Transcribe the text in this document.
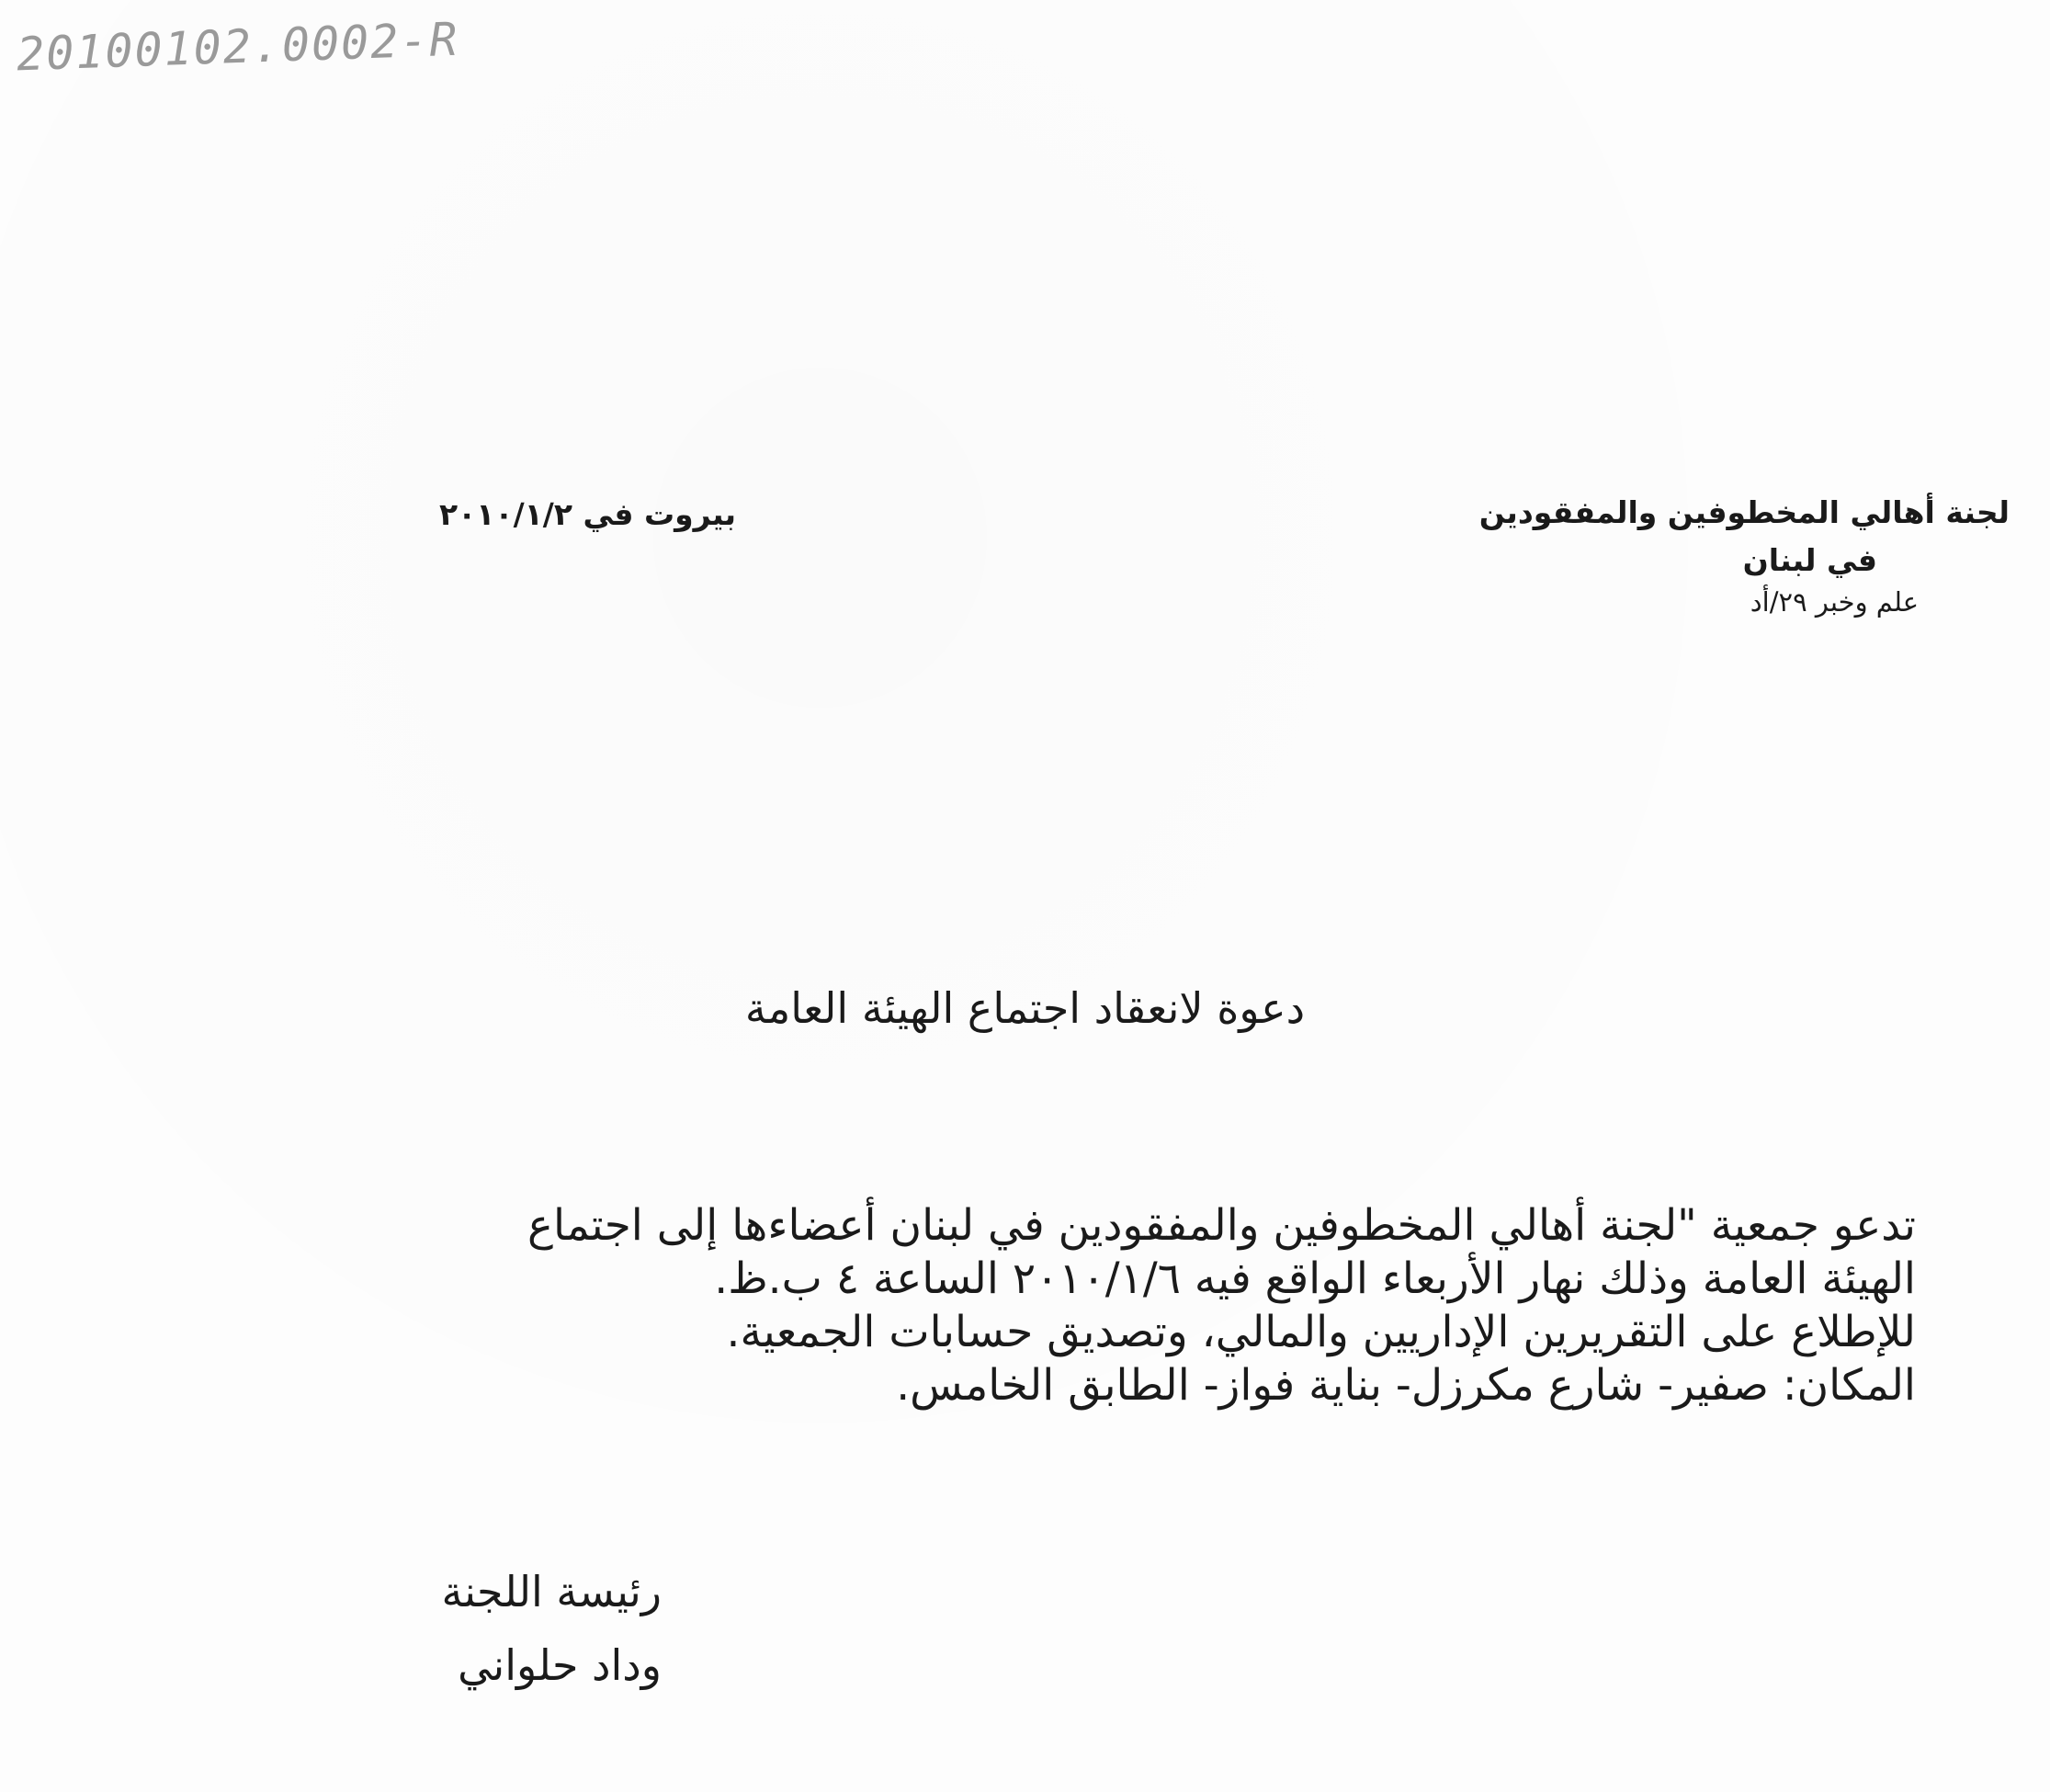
20100102.0002-R
لجنة أهالي المخطوفين والمفقودين
في لبنان
علم وخبر ٢٩/أد
بيروت في ٢٠١٠/١/٢
دعوة لانعقاد اجتماع الهيئة العامة
تدعو جمعية "لجنة أهالي المخطوفين والمفقودين في لبنان أعضاءها إلى اجتماع
الهيئة العامة وذلك نهار الأربعاء الواقع فيه ٢٠١٠/١/٦ الساعة ٤ ب.ظ.
للإطلاع على التقريرين الإداريين والمالي، وتصديق حسابات الجمعية.
المكان: صفير- شارع مكرزل- بناية فواز- الطابق الخامس.
رئيسة اللجنة
وداد حلواني
